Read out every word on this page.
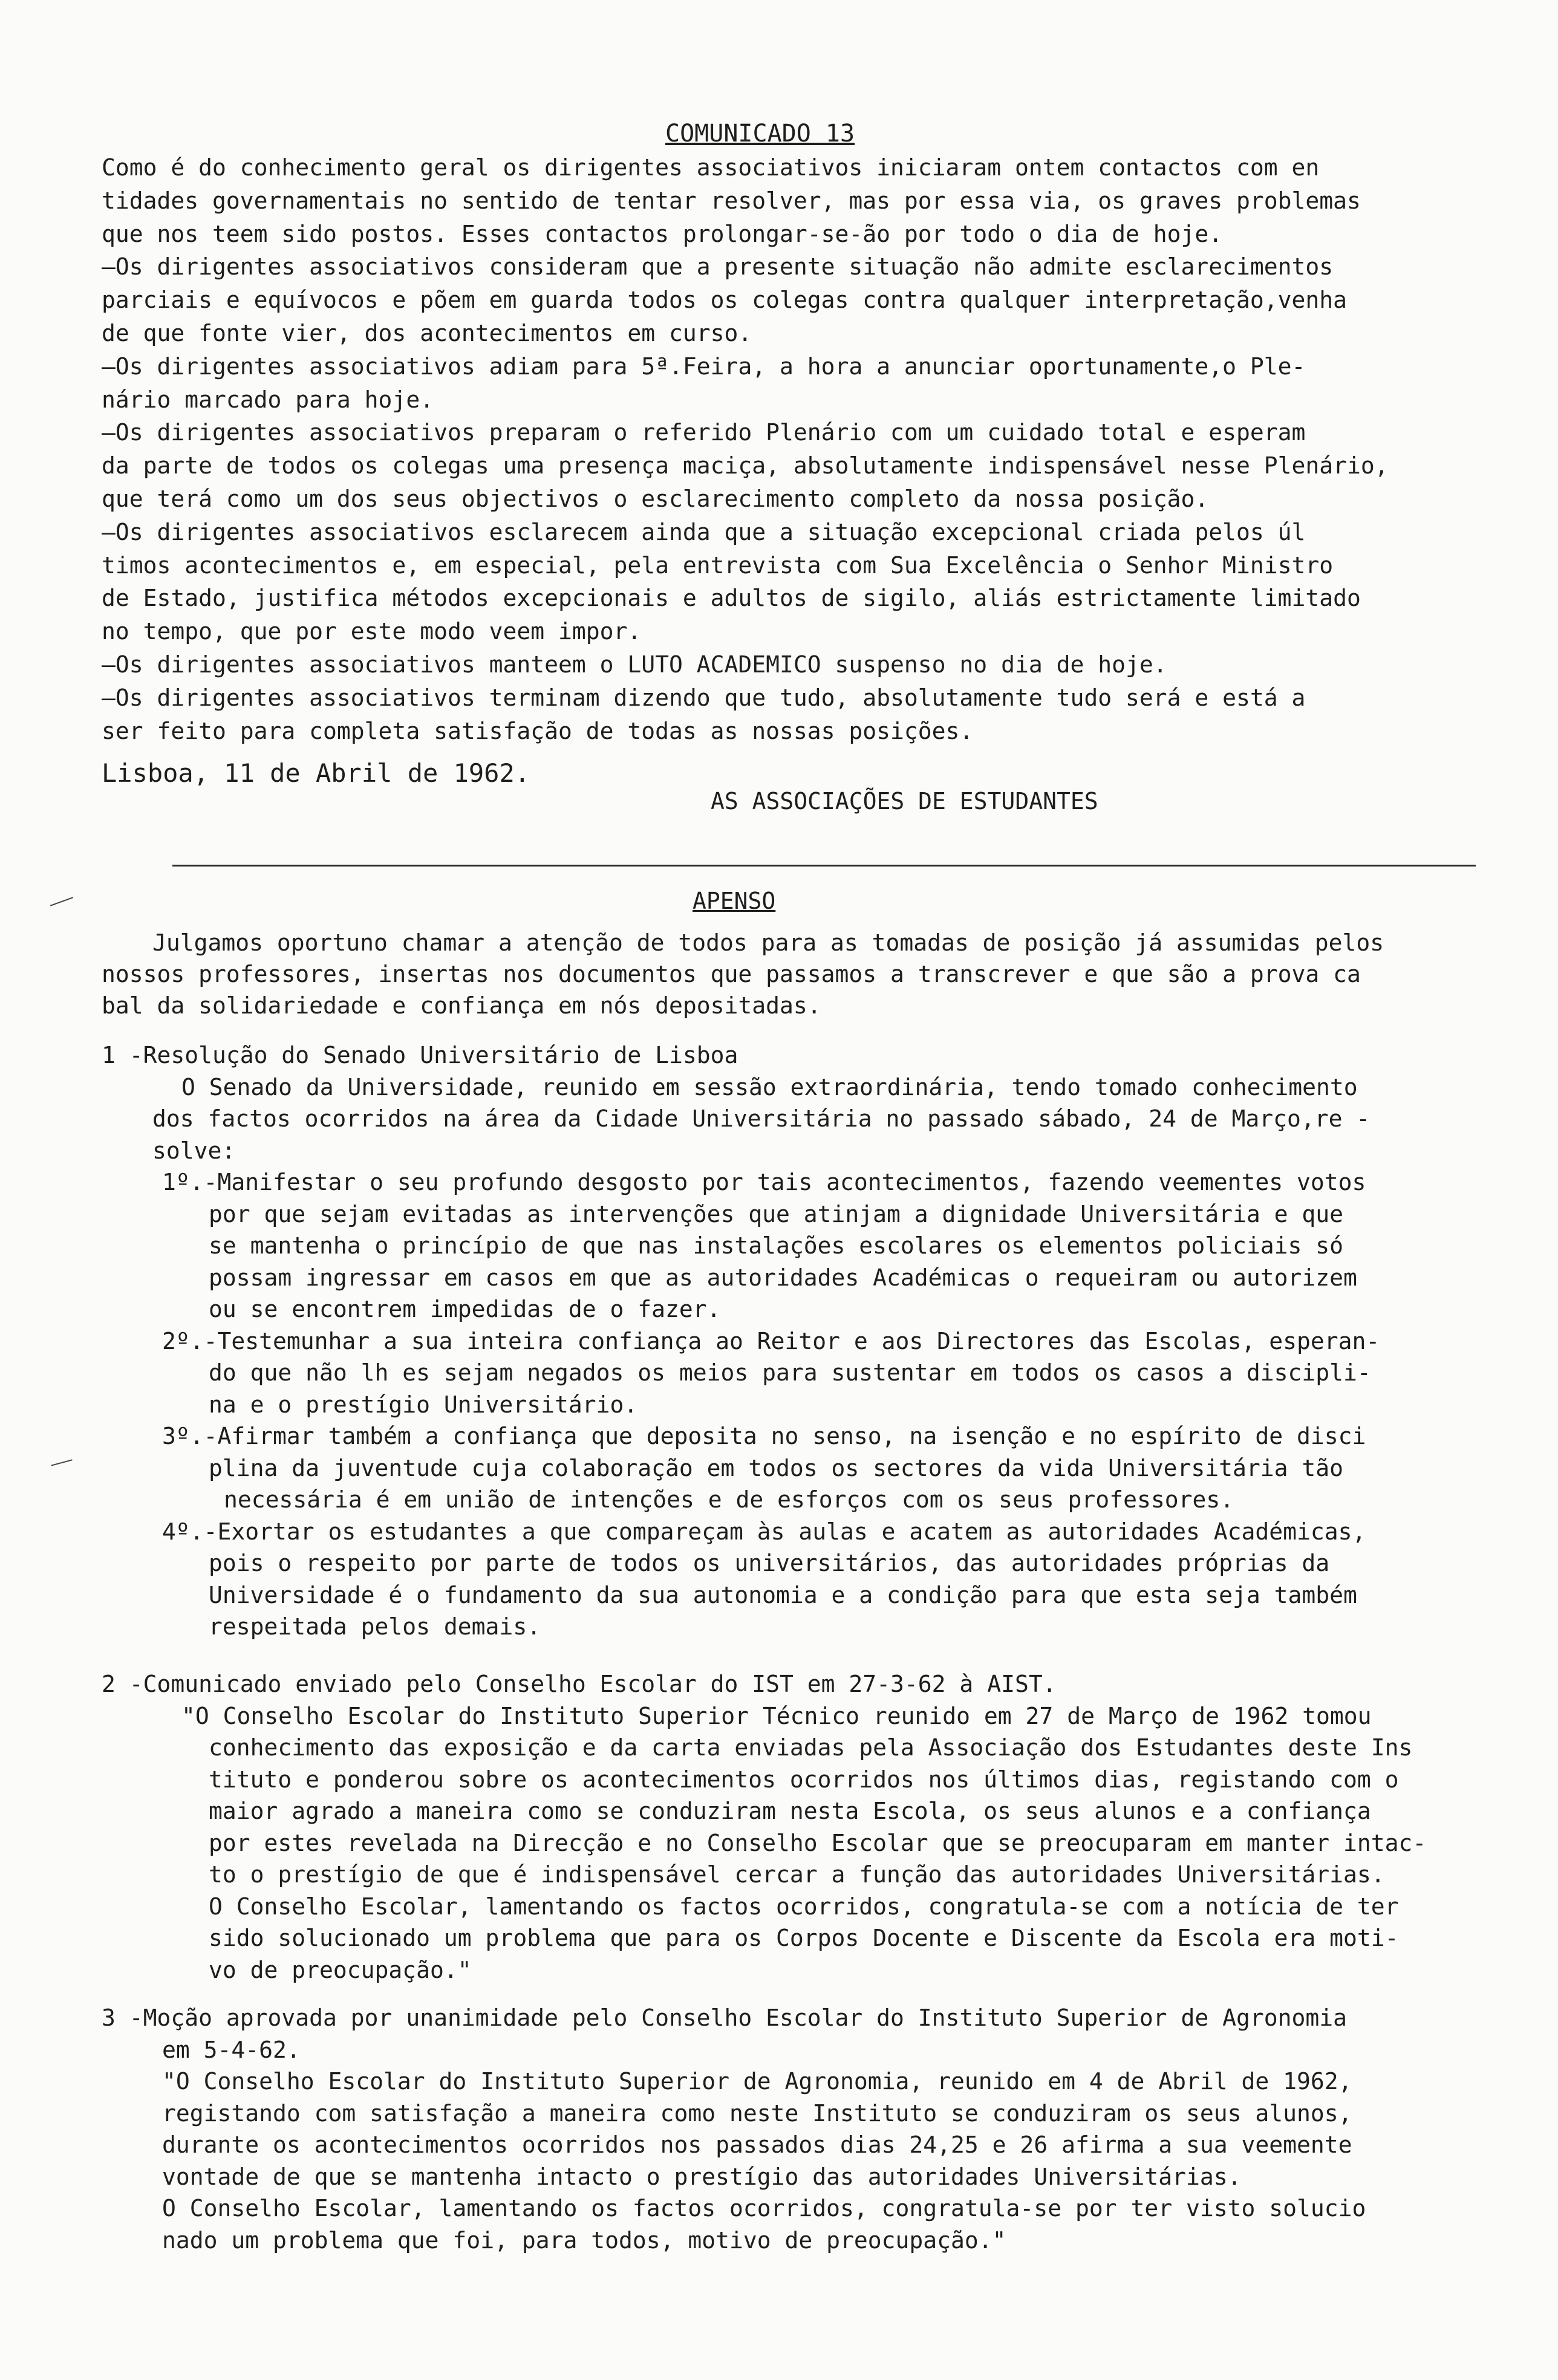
COMUNICADO 13
Como é do conhecimento geral os dirigentes associativos iniciaram ontem contactos com en
tidades governamentais no sentido de tentar resolver, mas por essa via, os graves problemas
que nos teem sido postos. Esses contactos prolongar-se-ão por todo o dia de hoje.
—Os dirigentes associativos consideram que a presente situação não admite esclarecimentos
parciais e equívocos e põem em guarda todos os colegas contra qualquer interpretação,venha
de que fonte vier, dos acontecimentos em curso.
—Os dirigentes associativos adiam para 5ª.Feira, a hora a anunciar oportunamente,o Ple-
nário marcado para hoje.
—Os dirigentes associativos preparam o referido Plenário com um cuidado total e esperam
da parte de todos os colegas uma presença maciça, absolutamente indispensável nesse Plenário,
que terá como um dos seus objectivos o esclarecimento completo da nossa posição.
—Os dirigentes associativos esclarecem ainda que a situação excepcional criada pelos úl
timos acontecimentos e, em especial, pela entrevista com Sua Excelência o Senhor Ministro
de Estado, justifica métodos excepcionais e adultos de sigilo, aliás estrictamente limitado
no tempo, que por este modo veem impor.
—Os dirigentes associativos manteem o LUTO ACADEMICO suspenso no dia de hoje.
—Os dirigentes associativos terminam dizendo que tudo, absolutamente tudo será e está a
ser feito para completa satisfação de todas as nossas posições.
Lisboa, 11 de Abril de 1962.
AS ASSOCIAÇÕES DE ESTUDANTES
APENSO
Julgamos oportuno chamar a atenção de todos para as tomadas de posição já assumidas pelos
nossos professores, insertas nos documentos que passamos a transcrever e que são a prova ca
bal da solidariedade e confiança em nós depositadas.
1 -Resolução do Senado Universitário de Lisboa
O Senado da Universidade, reunido em sessão extraordinária, tendo tomado conhecimento
dos factos ocorridos na área da Cidade Universitária no passado sábado, 24 de Março,re -
solve:
1º.-Manifestar o seu profundo desgosto por tais acontecimentos, fazendo veementes votos
por que sejam evitadas as intervenções que atinjam a dignidade Universitária e que
se mantenha o princípio de que nas instalações escolares os elementos policiais só
possam ingressar em casos em que as autoridades Académicas o requeiram ou autorizem
ou se encontrem impedidas de o fazer.
2º.-Testemunhar a sua inteira confiança ao Reitor e aos Directores das Escolas, esperan-
do que não lh es sejam negados os meios para sustentar em todos os casos a discipli-
na e o prestígio Universitário.
3º.-Afirmar também a confiança que deposita no senso, na isenção e no espírito de disci
plina da juventude cuja colaboração em todos os sectores da vida Universitária tão
necessária é em união de intenções e de esforços com os seus professores.
4º.-Exortar os estudantes a que compareçam às aulas e acatem as autoridades Académicas,
pois o respeito por parte de todos os universitários, das autoridades próprias da
Universidade é o fundamento da sua autonomia e a condição para que esta seja também
respeitada pelos demais.
2 -Comunicado enviado pelo Conselho Escolar do IST em 27-3-62 à AIST.
"O Conselho Escolar do Instituto Superior Técnico reunido em 27 de Março de 1962 tomou
conhecimento das exposição e da carta enviadas pela Associação dos Estudantes deste Ins
tituto e ponderou sobre os acontecimentos ocorridos nos últimos dias, registando com o
maior agrado a maneira como se conduziram nesta Escola, os seus alunos e a confiança
por estes revelada na Direcção e no Conselho Escolar que se preocuparam em manter intac-
to o prestígio de que é indispensável cercar a função das autoridades Universitárias.
O Conselho Escolar, lamentando os factos ocorridos, congratula-se com a notícia de ter
sido solucionado um problema que para os Corpos Docente e Discente da Escola era moti-
vo de preocupação."
3 -Moção aprovada por unanimidade pelo Conselho Escolar do Instituto Superior de Agronomia
em 5-4-62.
"O Conselho Escolar do Instituto Superior de Agronomia, reunido em 4 de Abril de 1962,
registando com satisfação a maneira como neste Instituto se conduziram os seus alunos,
durante os acontecimentos ocorridos nos passados dias 24,25 e 26 afirma a sua veemente
vontade de que se mantenha intacto o prestígio das autoridades Universitárias.
O Conselho Escolar, lamentando os factos ocorridos, congratula-se por ter visto solucio
nado um problema que foi, para todos, motivo de preocupação."
